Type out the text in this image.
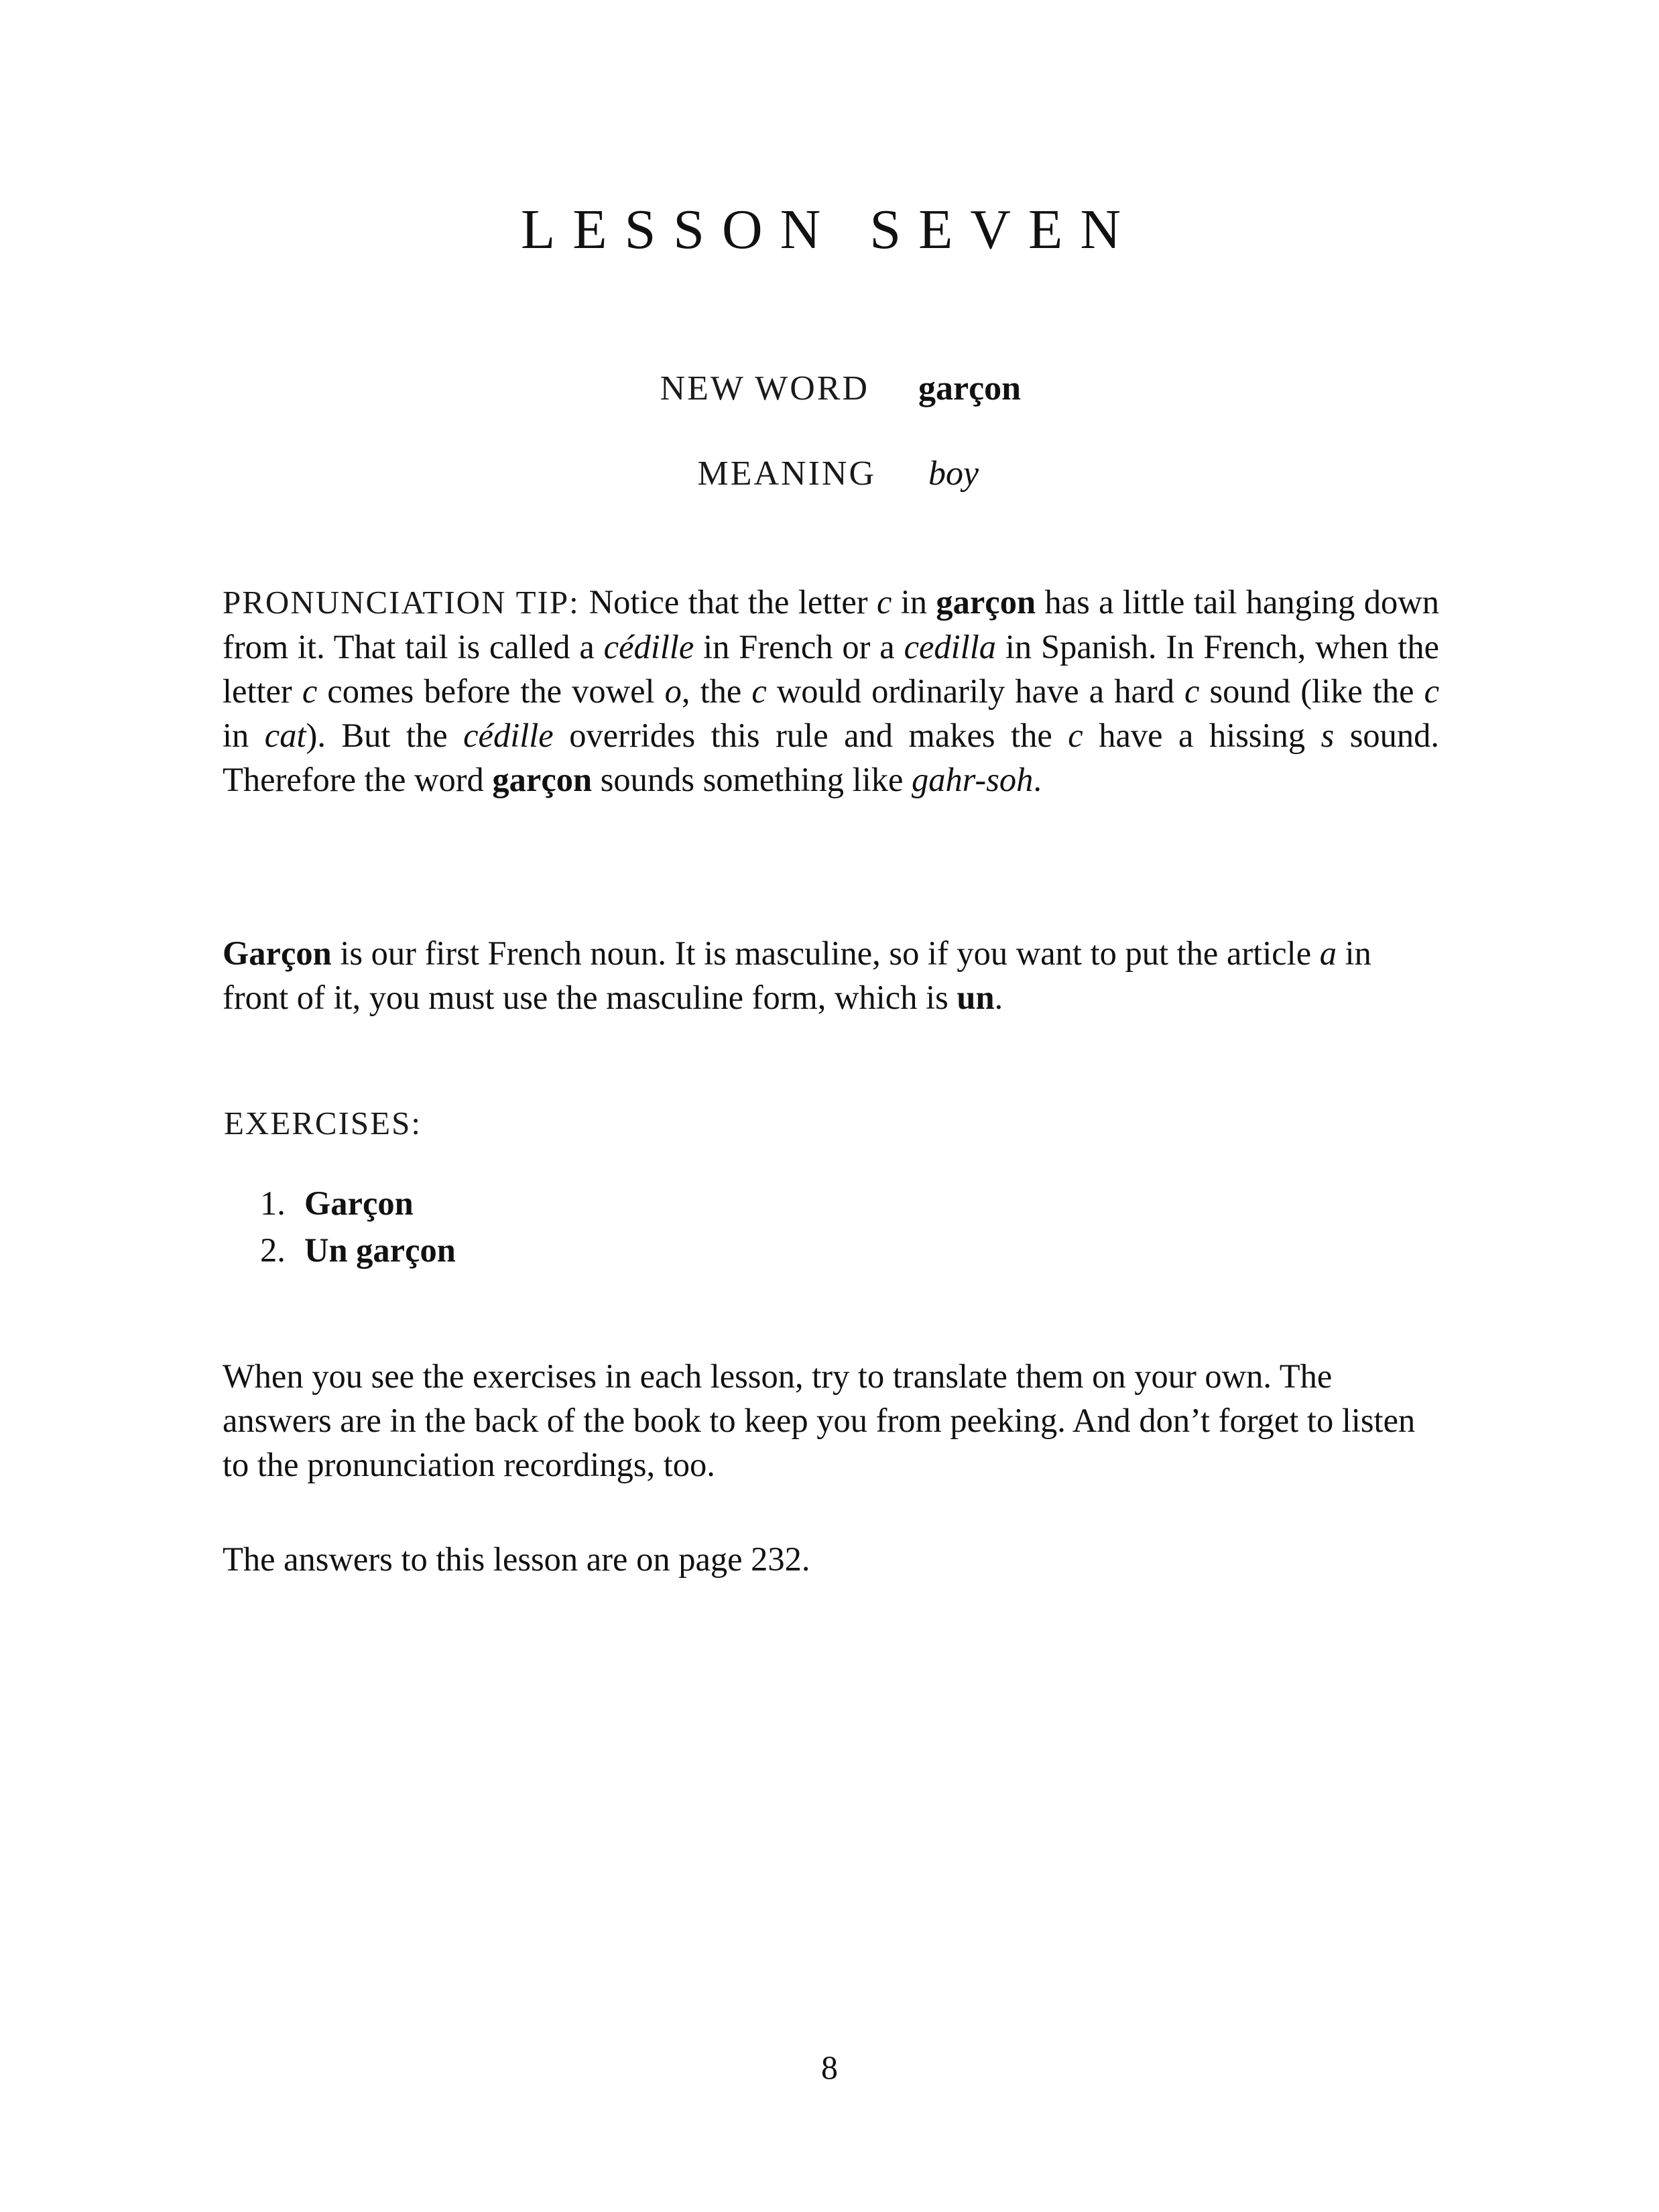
LESSON SEVEN
NEW WORD garçon
MEANING boy

PRONUNCIATION TIP: Notice that the letter c in garçon has a little tail hanging down from it. That tail is called a cédille in French or a cedilla in Spanish. In French, when the letter c comes before the vowel o, the c would ordinarily have a hard c sound (like the c in cat). But the cédille overrides this rule and makes the c have a hissing s sound. Therefore the word garçon sounds something like gahr-soh.

Garçon is our first French noun. It is masculine, so if you want to put the article a in front of it, you must use the masculine form, which is un.

EXERCISES:
1. Garçon
2. Un garçon

When you see the exercises in each lesson, try to translate them on your own. The answers are in the back of the book to keep you from peeking. And don’t forget to listen to the pronunciation recordings, too.

The answers to this lesson are on page 232.

8
